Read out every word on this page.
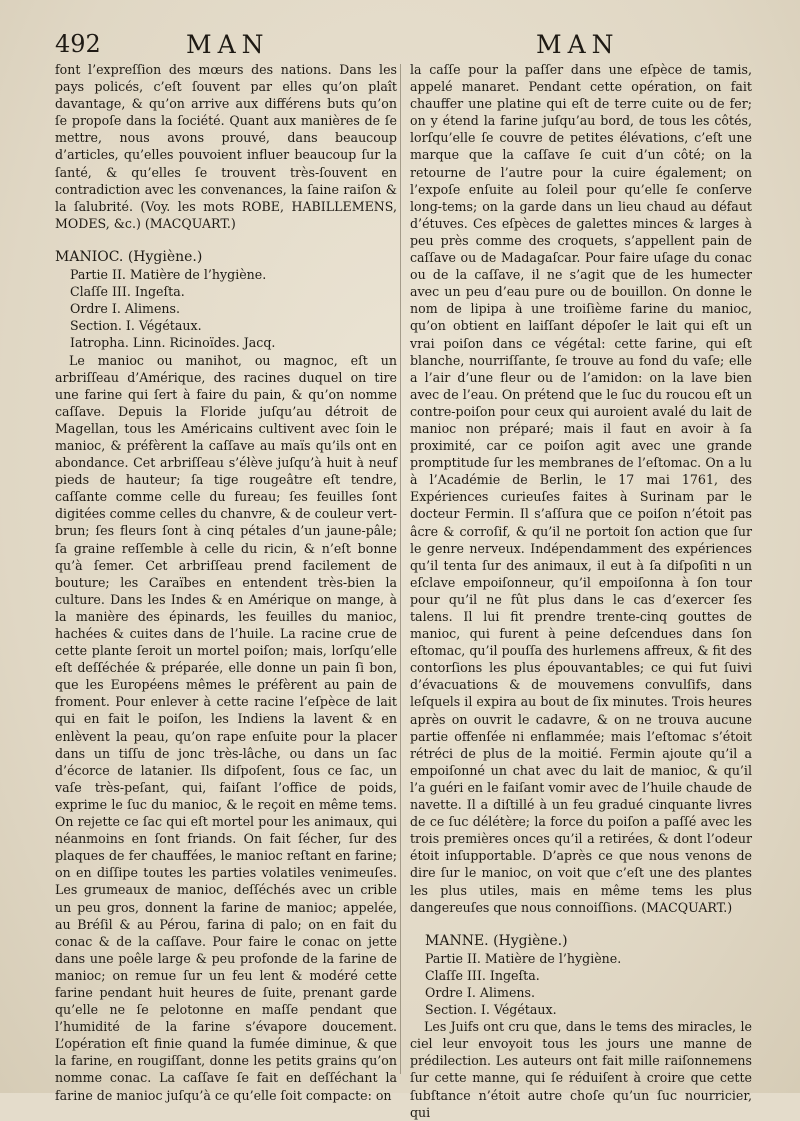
492	MAN	MAN

font l’expreſſion des mœurs des nations. Dans les pays policés, c’eſt ſouvent par elles qu’on plaît davantage, & qu’on arrive aux différens buts qu’on ſe propoſe dans la ſociété. Quant aux manières de ſe mettre, nous avons prouvé, dans beaucoup d’articles, qu’elles pouvoient influer beaucoup ſur la ſanté, & qu’elles ſe trouvent très-ſouvent en contradiction avec les convenances, la ſaine raiſon & la ſalubrité. (Voy. les mots ROBE, HABILLEMENS, MODES, &c.) (MACQUART.)

MANIOC. (Hygiène.)

Partie II. Matière de l’hygiène.

Claſſe III. Ingeſta.

Ordre I. Alimens.

Section. I. Végétaux.

Iatropha. Linn. Ricinoïdes. Jacq.

Le manioc ou manihot, ou magnoc, eſt un arbriſſeau d’Amérique, des racines duquel on tire une farine qui ſert à faire du pain, & qu’on nomme caſſave. Depuis la Floride juſqu’au détroit de Magellan, tous les Américains cultivent avec ſoin le manioc, & préfèrent la caſſave au maïs qu’ils ont en abondance. Cet arbriſſeau s’élève juſqu’à huit à neuf pieds de hauteur; ſa tige rougeâtre eſt tendre, caſſante comme celle du fureau; ſes feuilles ſont digitées comme celles du chanvre, & de couleur vert-brun; ſes fleurs ſont à cinq pétales d’un jaune-pâle; ſa graine reſſemble à celle du ricin, & n’eſt bonne qu’à ſemer. Cet arbriſſeau prend facilement de bouture; les Caraïbes en entendent très-bien la culture. Dans les Indes & en Amérique on mange, à la manière des épinards, les feuilles du manioc, hachées & cuites dans de l’huile. La racine crue de cette plante ſeroit un mortel poiſon; mais, lorſqu’elle eſt deſſéchée & préparée, elle donne un pain ſi bon, que les Européens mêmes le préfèrent au pain de froment. Pour enlever à cette racine l’eſpèce de lait qui en fait le poiſon, les Indiens la lavent & en enlèvent la peau, qu’on rape enſuite pour la placer dans un tiſſu de jonc très-lâche, ou dans un ſac d’écorce de latanier. Ils diſpoſent, ſous ce ſac, un vaſe très-peſant, qui, faiſant l’office de poids, exprime le ſuc du manioc, & le reçoit en même tems. On rejette ce ſac qui eſt mortel pour les animaux, qui néanmoins en ſont friands. On fait ſécher, ſur des plaques de fer chauffées, le manioc reſtant en farine; on en diſſipe toutes les parties volatiles venimeuſes. Les grumeaux de manioc, deſſéchés avec un crible un peu gros, donnent la farine de manioc; appelée, au Bréſil & au Pérou, farina di palo; on en fait du conac & de la caſſave. Pour faire le conac on jette dans une poêle large & peu profonde de la farine de manioc; on remue ſur un feu lent & modéré cette farine pendant huit heures de ſuite, prenant garde qu’elle ne ſe pelotonne en maſſe pendant que l’humidité de la farine s’évapore doucement. L’opération eſt finie quand la fumée diminue, & que la farine, en rougiſſant, donne les petits grains qu’on nomme conac. La caſſave ſe fait en deſſéchant la farine de manioc juſqu’à ce qu’elle ſoit compacte: on

la caſſe pour la paſſer dans une eſpèce de tamis, appelé manaret. Pendant cette opération, on fait chauffer une platine qui eſt de terre cuite ou de fer; on y étend la farine juſqu’au bord, de tous les côtés, lorſqu’elle ſe couvre de petites élévations, c’eſt une marque que la caſſave ſe cuit d’un côté; on la retourne de l’autre pour la cuire également; on l’expoſe enſuite au ſoleil pour qu’elle ſe conſerve long-tems; on la garde dans un lieu chaud au défaut d’étuves. Ces eſpèces de galettes minces & larges à peu près comme des croquets, s’appellent pain de caſſave ou de Madagaſcar. Pour faire uſage du conac ou de la caſſave, il ne s’agit que de les humecter avec un peu d’eau pure ou de bouillon. On donne le nom de lipipa à une troiſième farine du manioc, qu’on obtient en laiſſant dépoſer le lait qui eſt un vrai poiſon dans ce végétal: cette farine, qui eſt blanche, nourriſſante, ſe trouve au fond du vaſe; elle a l’air d’une fleur ou de l’amidon: on la lave bien avec de l’eau. On prétend que le ſuc du roucou eſt un contre-poiſon pour ceux qui auroient avalé du lait de manioc non préparé; mais il faut en avoir à ſa proximité, car ce poiſon agit avec une grande promptitude ſur les membranes de l’eſtomac. On a lu à l’Académie de Berlin, le 17 mai 1761, des Expériences curieuſes faites à Surinam par le docteur Fermin. Il s’aſſura que ce poiſon n’étoit pas âcre & corroſif, & qu’il ne portoit ſon action que ſur le genre nerveux. Indépendamment des expériences qu’il tenta ſur des animaux, il eut à ſa diſpoſiti n un eſclave empoiſonneur, qu’il empoiſonna à ſon tour pour qu’il ne fût plus dans le cas d’exercer ſes talens. Il lui fit prendre trente-cinq gouttes de manioc, qui furent à peine deſcendues dans ſon eſtomac, qu’il pouſſa des hurlemens affreux, & fit des contorſions les plus épouvantables; ce qui fut ſuivi d’évacuations & de mouvemens convulſifs, dans leſquels il expira au bout de ſix minutes. Trois heures après on ouvrit le cadavre, & on ne trouva aucune partie offenſée ni enflammée; mais l’eſtomac s’étoit rétréci de plus de la moitié. Fermin ajoute qu’il a empoiſonné un chat avec du lait de manioc, & qu’il l’a guéri en le faiſant vomir avec de l’huile chaude de navette. Il a diſtillé à un feu gradué cinquante livres de ce ſuc délétère; la force du poiſon a paſſé avec les trois premières onces qu’il a retirées, & dont l’odeur étoit inſupportable. D’après ce que nous venons de dire ſur le manioc, on voit que c’eſt une des plantes les plus utiles, mais en même tems les plus dangereuſes que nous connoiſſions. (MACQUART.)

MANNE. (Hygiène.)

Partie II. Matière de l’hygiène.

Claſſe III. Ingeſta.

Ordre I. Alimens.

Section. I. Végétaux.

Les Juifs ont cru que, dans le tems des miracles, le ciel leur envoyoit tous les jours une manne de prédilection. Les auteurs ont fait mille raiſonnemens ſur cette manne, qui ſe réduiſent à croire que cette ſubſtance n’étoit autre choſe qu’un ſuc nourricier, qui
